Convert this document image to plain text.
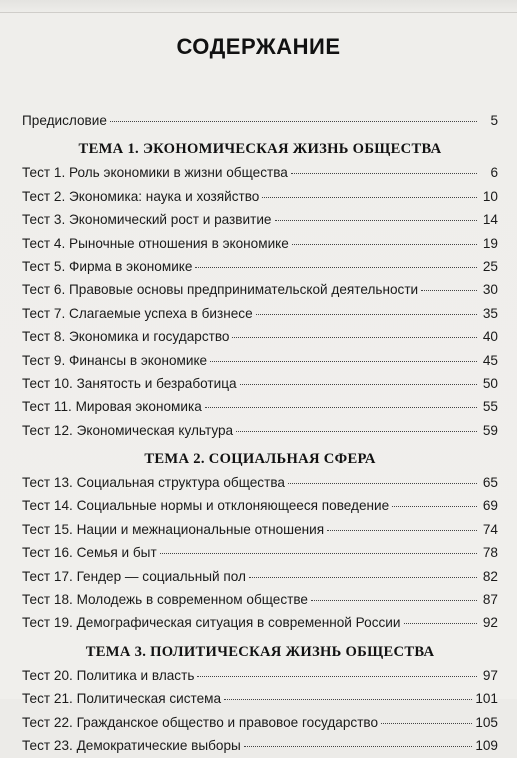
СОДЕРЖАНИЕ
Предисловие	5
ТЕМА 1. ЭКОНОМИЧЕСКАЯ ЖИЗНЬ ОБЩЕСТВА
Тест 1. Роль экономики в жизни общества	6
Тест 2. Экономика: наука и хозяйство	10
Тест 3. Экономический рост и развитие	14
Тест 4. Рыночные отношения в экономике	19
Тест 5. Фирма в экономике	25
Тест 6. Правовые основы предпринимательской деятельности	30
Тест 7. Слагаемые успеха в бизнесе	35
Тест 8. Экономика и государство	40
Тест 9. Финансы в экономике	45
Тест 10. Занятость и безработица	50
Тест 11. Мировая экономика	55
Тест 12. Экономическая культура	59
ТЕМА 2. СОЦИАЛЬНАЯ СФЕРА
Тест 13. Социальная структура общества	65
Тест 14. Социальные нормы и отклоняющееся поведение	69
Тест 15. Нации и межнациональные отношения	74
Тест 16. Семья и быт	78
Тест 17. Гендер — социальный пол	82
Тест 18. Молодежь в современном обществе	87
Тест 19. Демографическая ситуация в современной России	92
ТЕМА 3. ПОЛИТИЧЕСКАЯ ЖИЗНЬ ОБЩЕСТВА
Тест 20. Политика и власть	97
Тест 21. Политическая система	101
Тест 22. Гражданское общество и правовое государство	105
Тест 23. Демократические выборы	109
